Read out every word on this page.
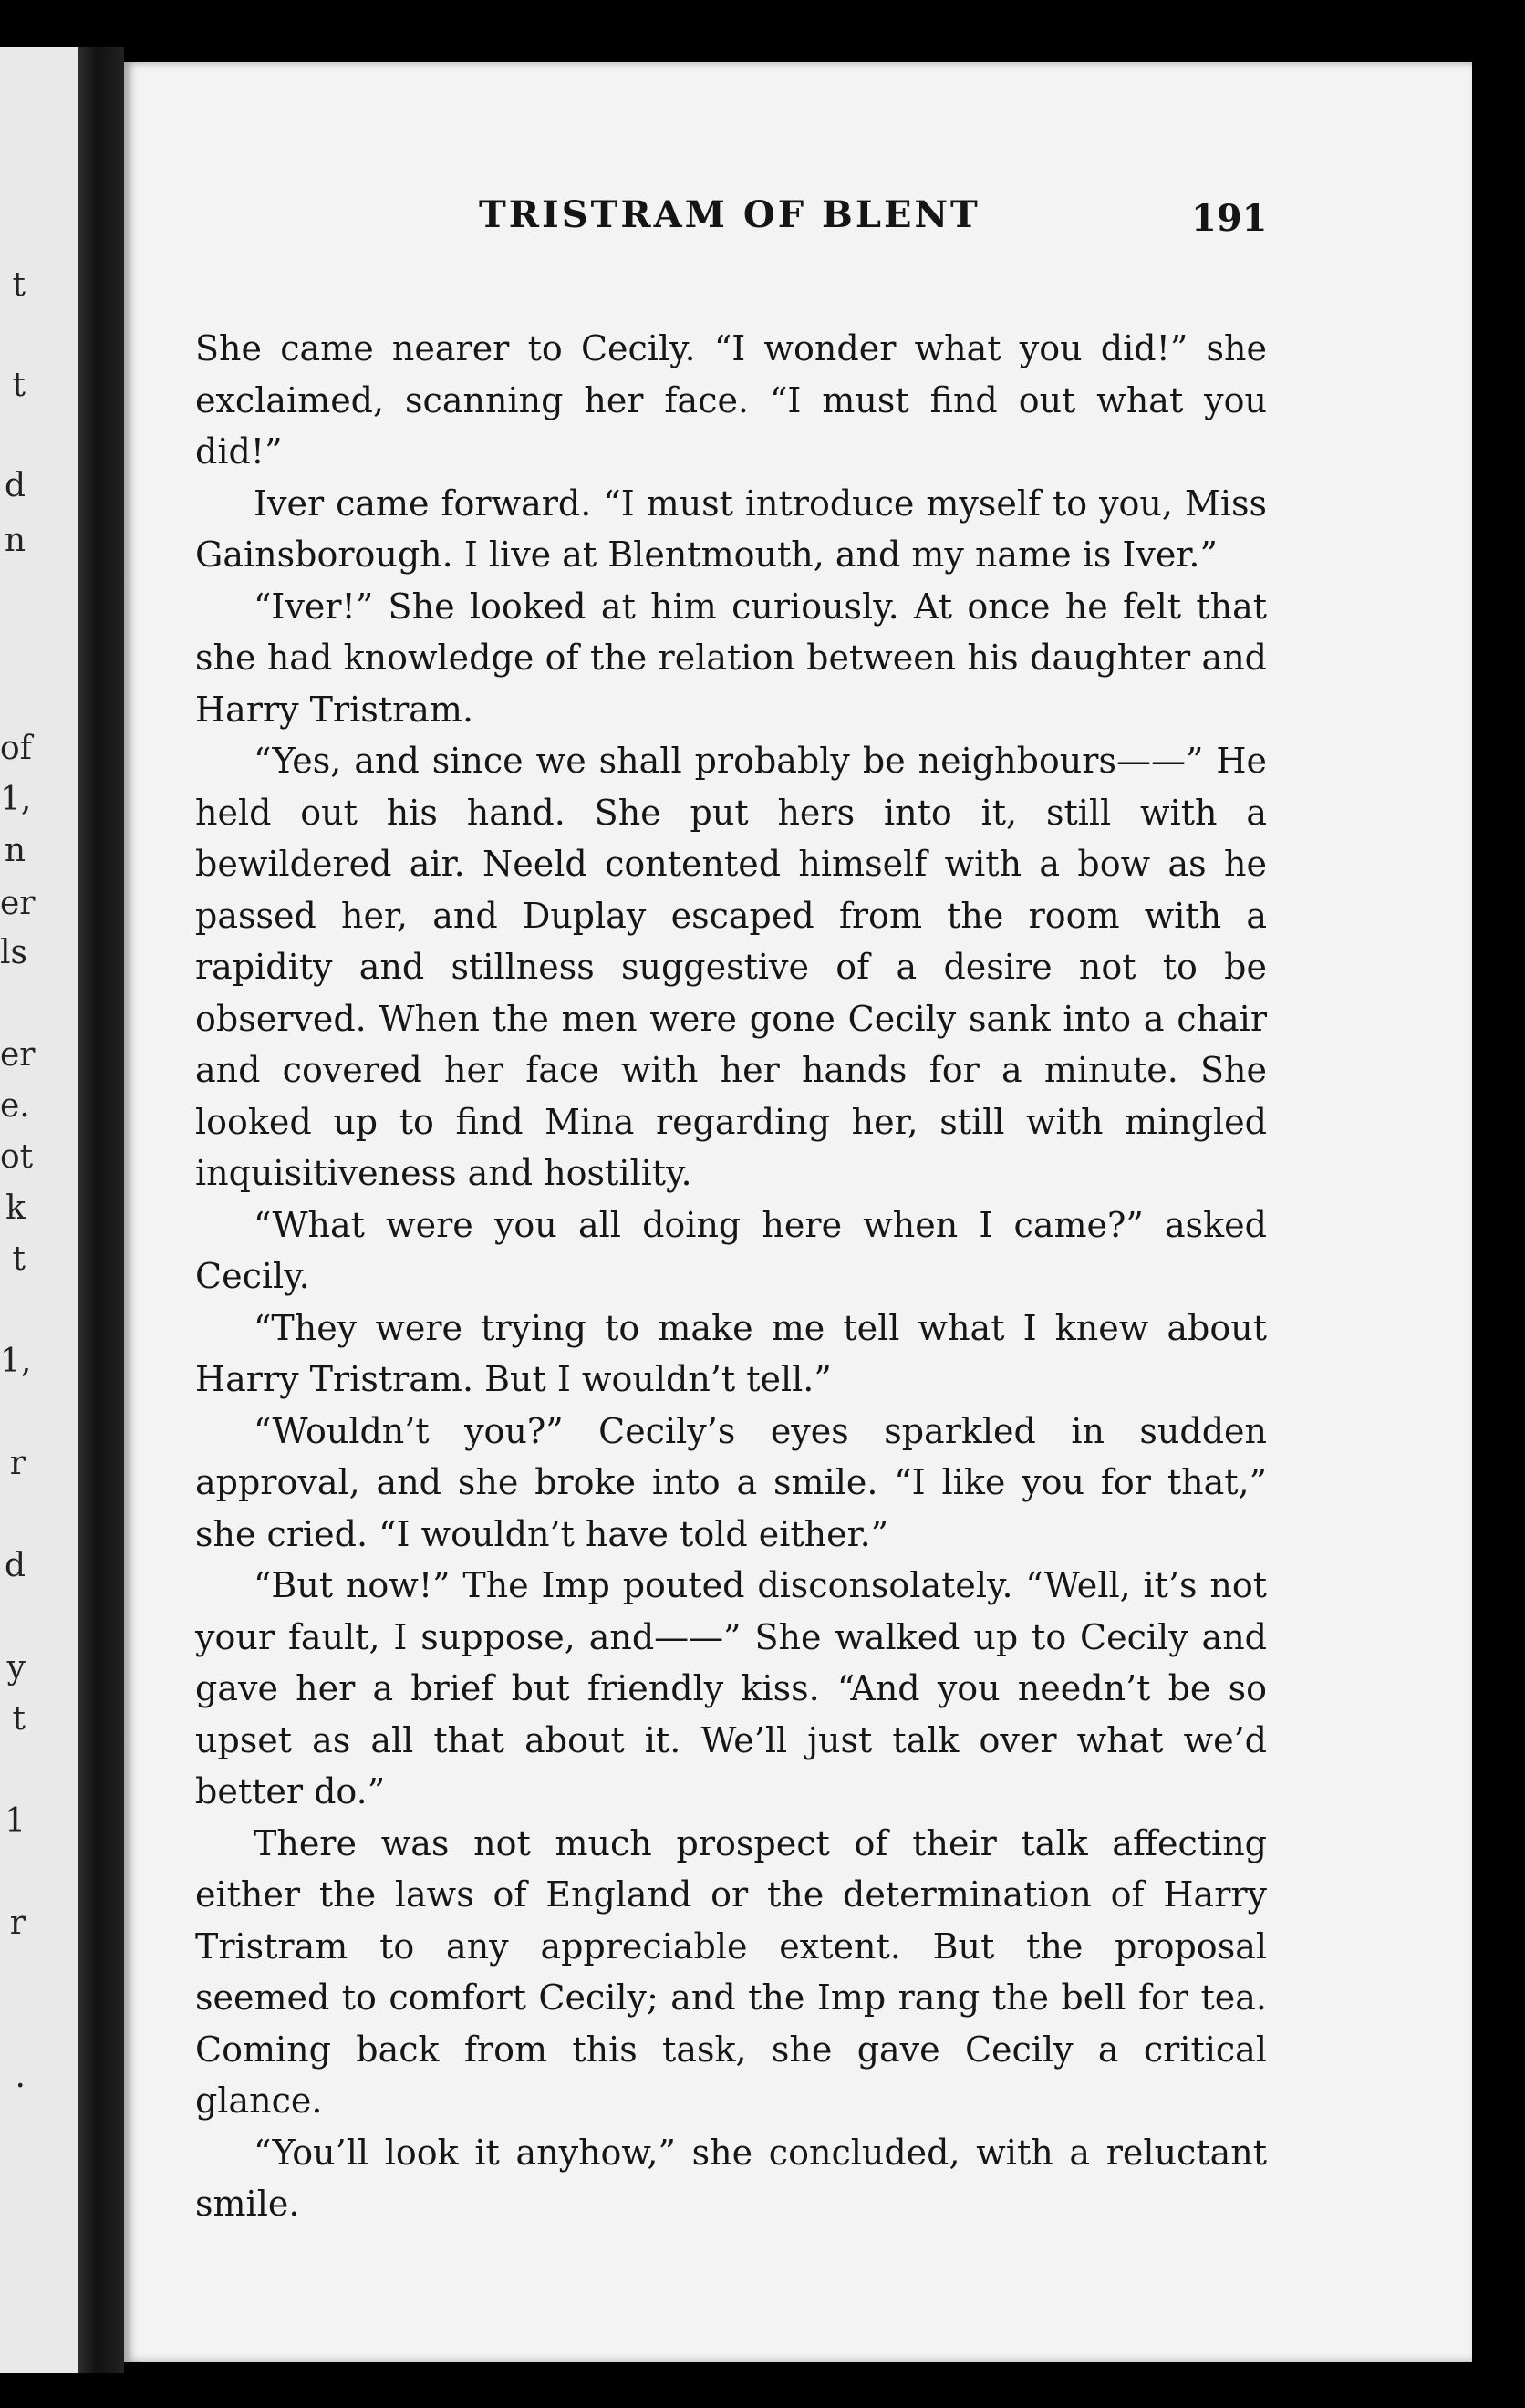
t
t
d
n
of
1,
n
er
ls
er
e.
ot
k
t
1,
r
d
y
t
1
r
.
TRISTRAM OF BLENT	191

She came nearer to Cecily. “I wonder what you did!” she exclaimed, scanning her face. “I must find out what you did!”

Iver came forward. “I must introduce myself to you, Miss Gainsborough. I live at Blentmouth, and my name is Iver.”

“Iver!” She looked at him curiously. At once he felt that she had knowledge of the relation between his daughter and Harry Tristram.

“Yes, and since we shall probably be neighbours——” He held out his hand. She put hers into it, still with a bewildered air. Neeld contented himself with a bow as he passed her, and Duplay escaped from the room with a rapidity and stillness suggestive of a desire not to be observed. When the men were gone Cecily sank into a chair and covered her face with her hands for a minute. She looked up to find Mina regarding her, still with mingled inquisitiveness and hostility.

“What were you all doing here when I came?” asked Cecily.

“They were trying to make me tell what I knew about Harry Tristram. But I wouldn’t tell.”

“Wouldn’t you?” Cecily’s eyes sparkled in sudden approval, and she broke into a smile. “I like you for that,” she cried. “I wouldn’t have told either.”

“But now!” The Imp pouted disconsolately. “Well, it’s not your fault, I suppose, and——” She walked up to Cecily and gave her a brief but friendly kiss. “And you needn’t be so upset as all that about it. We’ll just talk over what we’d better do.”

There was not much prospect of their talk affecting either the laws of England or the determination of Harry Tristram to any appreciable extent. But the proposal seemed to comfort Cecily; and the Imp rang the bell for tea. Coming back from this task, she gave Cecily a critical glance.

“You’ll look it anyhow,” she concluded, with a reluctant smile.
